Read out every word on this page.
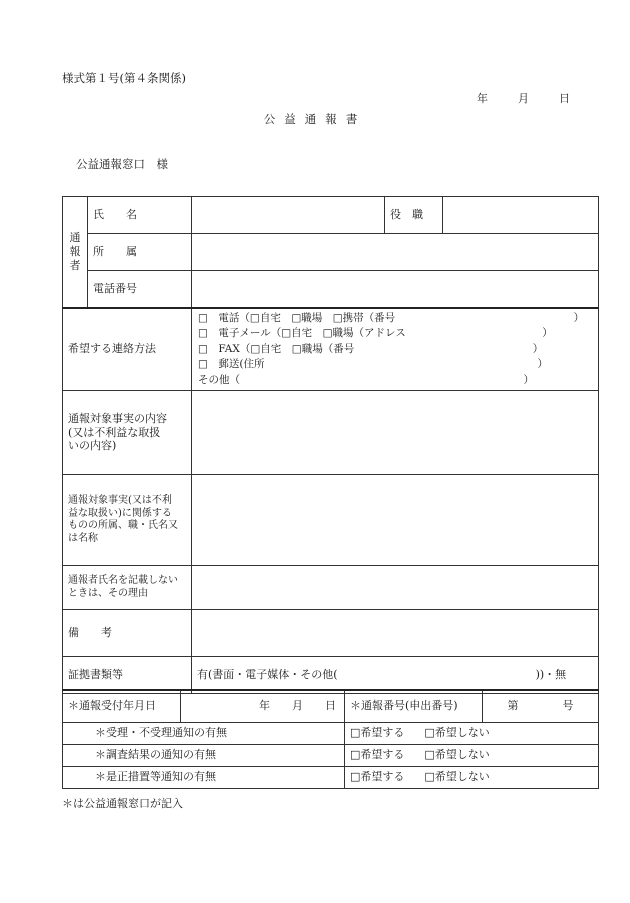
様式第１号(第４条関係)
年	月	日
公益通報書
公益通報窓口　様
通
報
者	氏　　名		役　職	
	所　　属			
	電話番号			
希望する連絡方法		□　電話（□自宅　□職場　□携帯（番号　　　　　　　　　　　　　　　　　）
□　電子メール（□自宅　□職場（アドレス　　　　　　　　　　　　　）
□　FAX（□自宅　□職場（番号　　　　　　　　　　　　　　　　　）
□　郵送(住所　　　　　　　　　　　　　　　　　　　　　　　　　　）
その他（　　　　　　　　　　　　　　　　　　　　　　　　　　　）		

通報対象事実の内容
(又は不利益な取扱
いの内容)				

通報対象事実(又は不利
益な取扱い)に関係する
ものの所属、職・氏名又
は名称				

通報者氏名を記載しない
ときは、その理由				

備　　考				
証拠書類等		有(書面・電子媒体・その他(　　　　　　　　　　　　　　　　　　))・無		
＊通報受付年月日	年　　月　　日	＊通報番号(申出番号)	第　　　　号
＊受理・不受理通知の有無		□希望する □希望しない	
＊調査結果の通知の有無		□希望する □希望しない	
＊是正措置等通知の有無		□希望する □希望しない	
＊は公益通報窓口が記入
